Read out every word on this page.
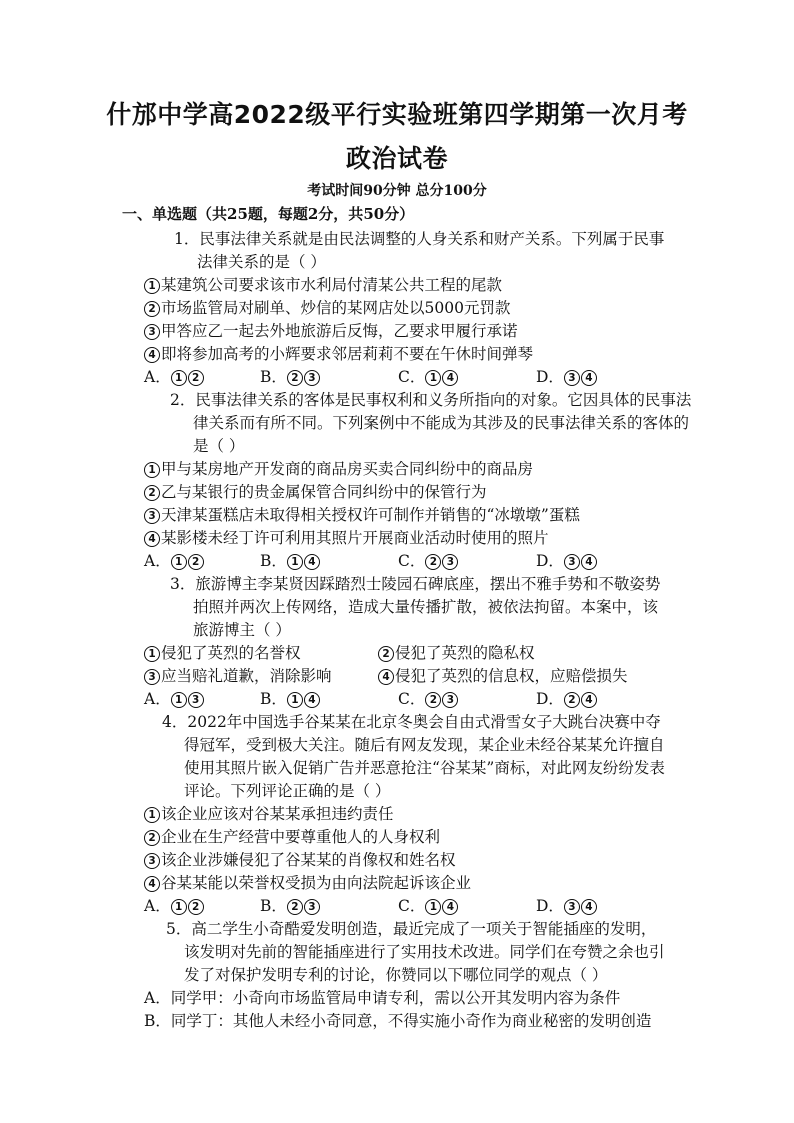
什邡中学高2022级平行实验班第四学期第一次月考
政治试卷
考试时间90分钟 总分100分
一、单选题（共25题，每题2分，共50分）
1．民事法律关系就是由民法调整的人身关系和财产关系。下列属于民事
法律关系的是（ ）
1 某建筑公司要求该市水利局付清某公共工程的尾款
2 市场监管局对刷单、炒信的某网店处以5000元罚款
3 甲答应乙一起去外地旅游后反悔，乙要求甲履行承诺
4 即将参加高考的小辉要求邻居莉莉不要在午休时间弹琴
A． 1 2	B． 2 3	C． 1 4	D． 3 4
2．民事法律关系的客体是民事权利和义务所指向的对象。它因具体的民事法
律关系而有所不同。下列案例中不能成为其涉及的民事法律关系的客体的
是（ ）
1 甲与某房地产开发商的商品房买卖合同纠纷中的商品房
2 乙与某银行的贵金属保管合同纠纷中的保管行为
3 天津某蛋糕店未取得相关授权许可制作并销售的“冰墩墩”蛋糕
4 某影楼未经丁许可利用其照片开展商业活动时使用的照片
A． 1 2	B． 1 4	C． 2 3	D． 3 4
3．旅游博主李某贤因踩踏烈士陵园石碑底座，摆出不雅手势和不敬姿势
拍照并两次上传网络，造成大量传播扩散，被依法拘留。本案中，该
旅游博主（ ）
1 侵犯了英烈的名誉权	2 侵犯了英烈的隐私权
3 应当赔礼道歉，消除影响	4 侵犯了英烈的信息权，应赔偿损失
A． 1 3	B． 1 4	C． 2 3	D． 2 4
4．2022年中国选手谷某某在北京冬奥会自由式滑雪女子大跳台决赛中夺
得冠军，受到极大关注。随后有网友发现，某企业未经谷某某允许擅自
使用其照片嵌入促销广告并恶意抢注“谷某某”商标，对此网友纷纷发表
评论。下列评论正确的是（ ）
1 该企业应该对谷某某承担违约责任
2 企业在生产经营中要尊重他人的人身权利
3 该企业涉嫌侵犯了谷某某的肖像权和姓名权
4 谷某某能以荣誉权受损为由向法院起诉该企业
A． 1 2	B． 2 3	C． 1 4	D． 3 4
5．高二学生小奇酷爱发明创造，最近完成了一项关于智能插座的发明，
该发明对先前的智能插座进行了实用技术改进。同学们在夸赞之余也引
发了对保护发明专利的讨论，你赞同以下哪位同学的观点（ ）
A．同学甲：小奇向市场监管局申请专利，需以公开其发明内容为条件
B．同学丁：其他人未经小奇同意，不得实施小奇作为商业秘密的发明创造
